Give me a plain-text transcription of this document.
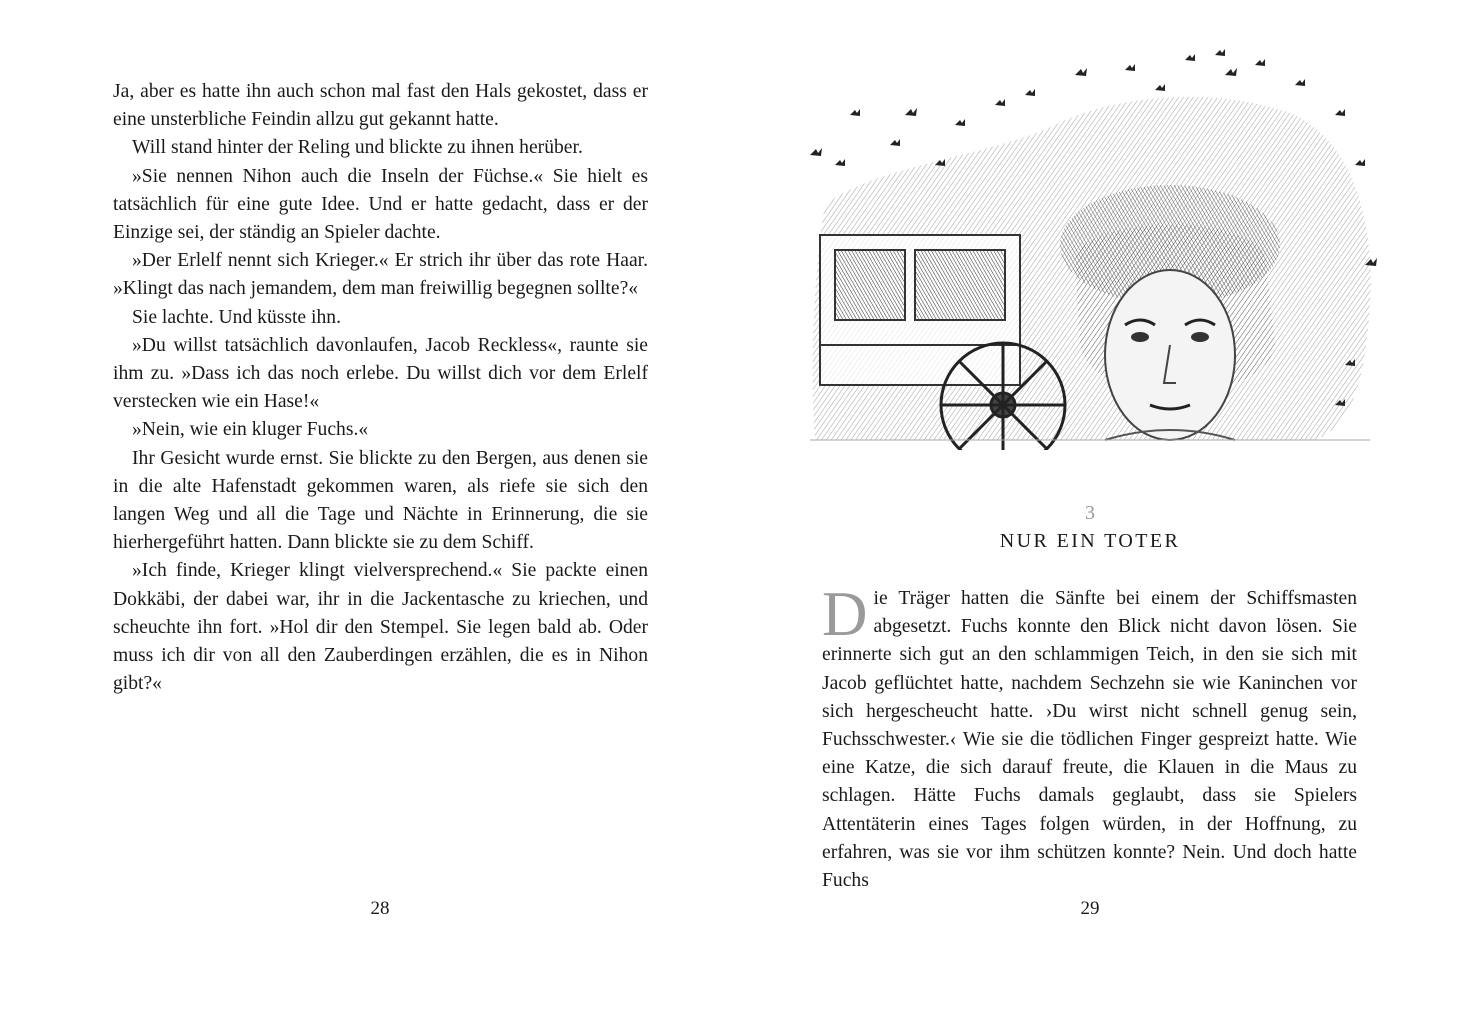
Ja, aber es hatte ihn auch schon mal fast den Hals gekostet, dass er eine unsterbliche Feindin allzu gut gekannt hatte.

Will stand hinter der Reling und blickte zu ihnen herüber.

»Sie nennen Nihon auch die Inseln der Füchse.« Sie hielt es tatsächlich für eine gute Idee. Und er hatte gedacht, dass er der Einzige sei, der ständig an Spieler dachte.

»Der Erlelf nennt sich Krieger.« Er strich ihr über das rote Haar. »Klingt das nach jemandem, dem man freiwillig begegnen sollte?«

Sie lachte. Und küsste ihn.

»Du willst tatsächlich davonlaufen, Jacob Reckless«, raunte sie ihm zu. »Dass ich das noch erlebe. Du willst dich vor dem Erlelf verstecken wie ein Hase!«

»Nein, wie ein kluger Fuchs.«

Ihr Gesicht wurde ernst. Sie blickte zu den Bergen, aus denen sie in die alte Hafenstadt gekommen waren, als riefe sie sich den langen Weg und all die Tage und Nächte in Erinnerung, die sie hierhergeführt hatten. Dann blickte sie zu dem Schiff.

»Ich finde, Krieger klingt vielversprechend.« Sie packte einen Dokkäbi, der dabei war, ihr in die Jackentasche zu kriechen, und scheuchte ihn fort. »Hol dir den Stempel. Sie legen bald ab. Oder muss ich dir von all den Zauberdingen erzählen, die es in Nihon gibt?«

28
3
NUR EIN TOTER

Die Träger hatten die Sänfte bei einem der Schiffsmasten abgesetzt. Fuchs konnte den Blick nicht davon lösen. Sie erinnerte sich gut an den schlammigen Teich, in den sie sich mit Jacob geflüchtet hatte, nachdem Sechzehn sie wie Kaninchen vor sich hergescheucht hatte. ›Du wirst nicht schnell genug sein, Fuchsschwester.‹ Wie sie die tödlichen Finger gespreizt hatte. Wie eine Katze, die sich darauf freute, die Klauen in die Maus zu schlagen. Hätte Fuchs damals geglaubt, dass sie Spielers Attentäterin eines Tages folgen würden, in der Hoffnung, zu erfahren, was sie vor ihm schützen konnte? Nein. Und doch hatte Fuchs

29
